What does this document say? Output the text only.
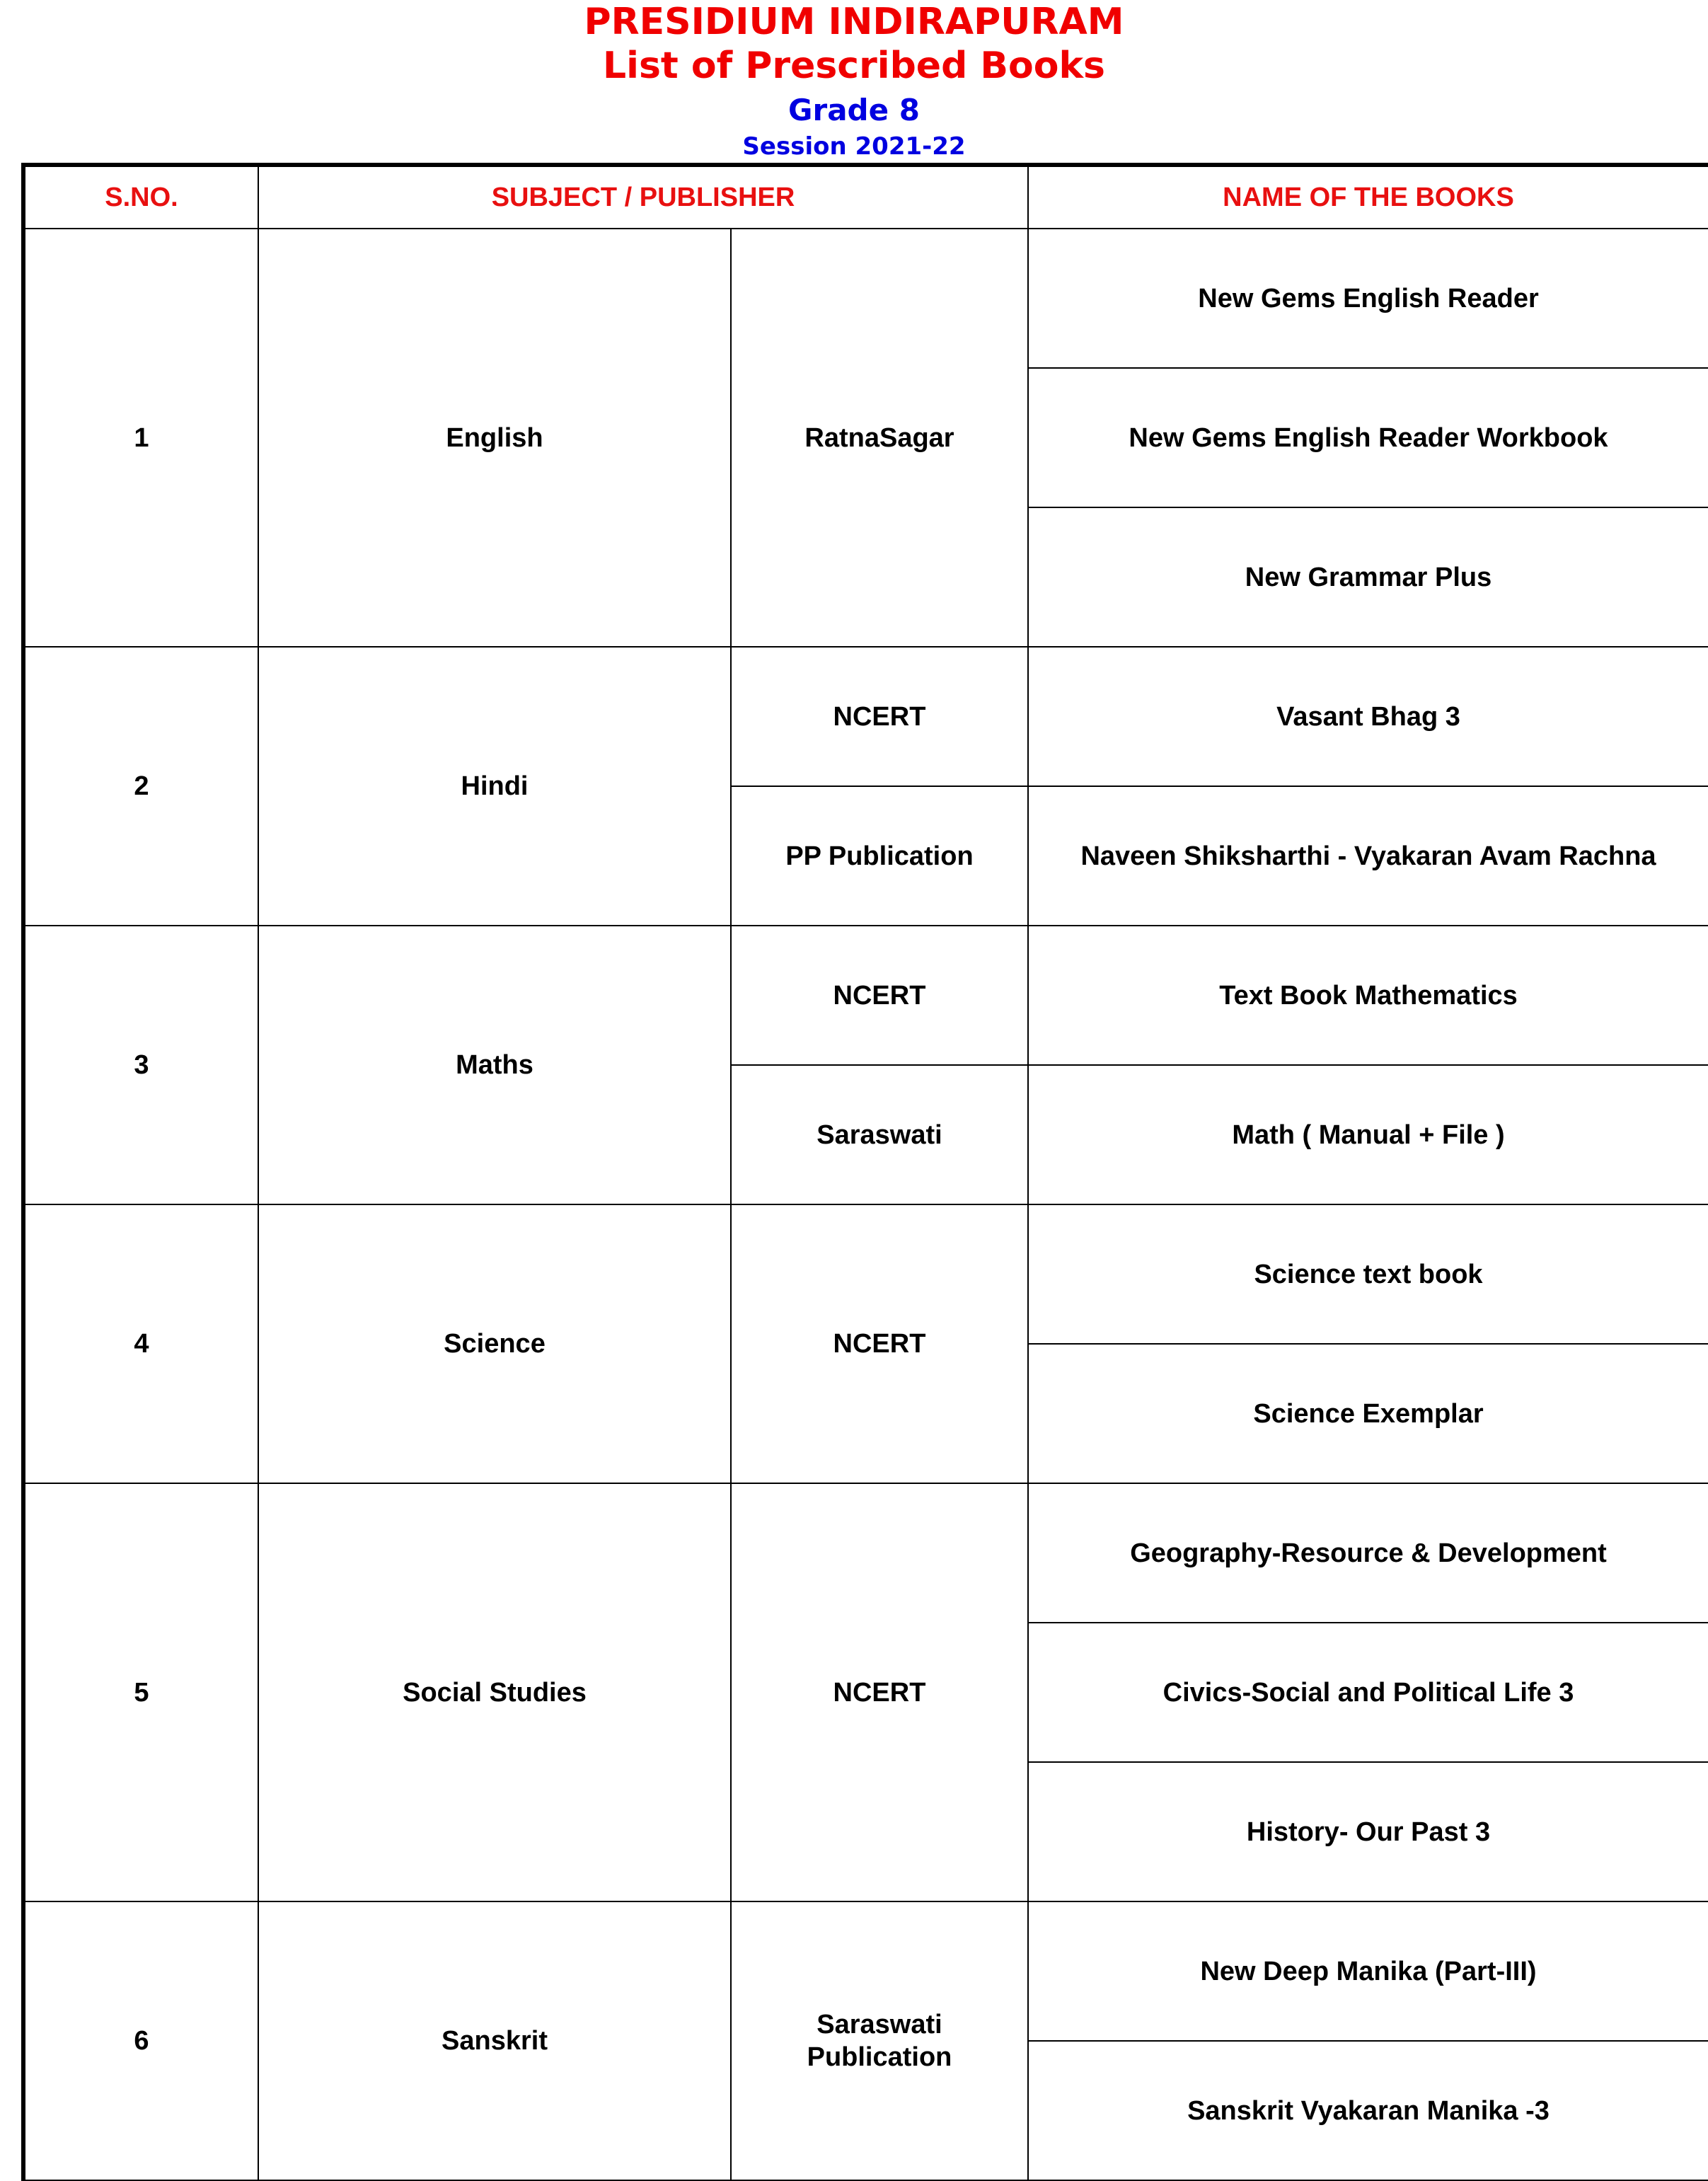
PRESIDIUM INDIRAPURAM
List of Prescribed Books
Grade 8
Session 2021-22
S.NO.	SUBJECT / PUBLISHER		NAME OF THE BOOKS
1	English	RatnaSagar	New Gems English Reader
			New Gems English Reader Workbook
			New Grammar Plus
2	Hindi	NCERT	Vasant Bhag 3
		PP Publication	Naveen Shiksharthi - Vyakaran Avam Rachna
3	Maths	NCERT	Text Book Mathematics
		Saraswati	Math ( Manual + File )
4	Science	NCERT	Science text book
			Science Exemplar
5	Social Studies	NCERT	Geography-Resource & Development
			Civics-Social and Political Life 3
			History- Our Past 3
6	Sanskrit	Saraswati Publication	New Deep Manika (Part-III)
			Sanskrit Vyakaran Manika -3
